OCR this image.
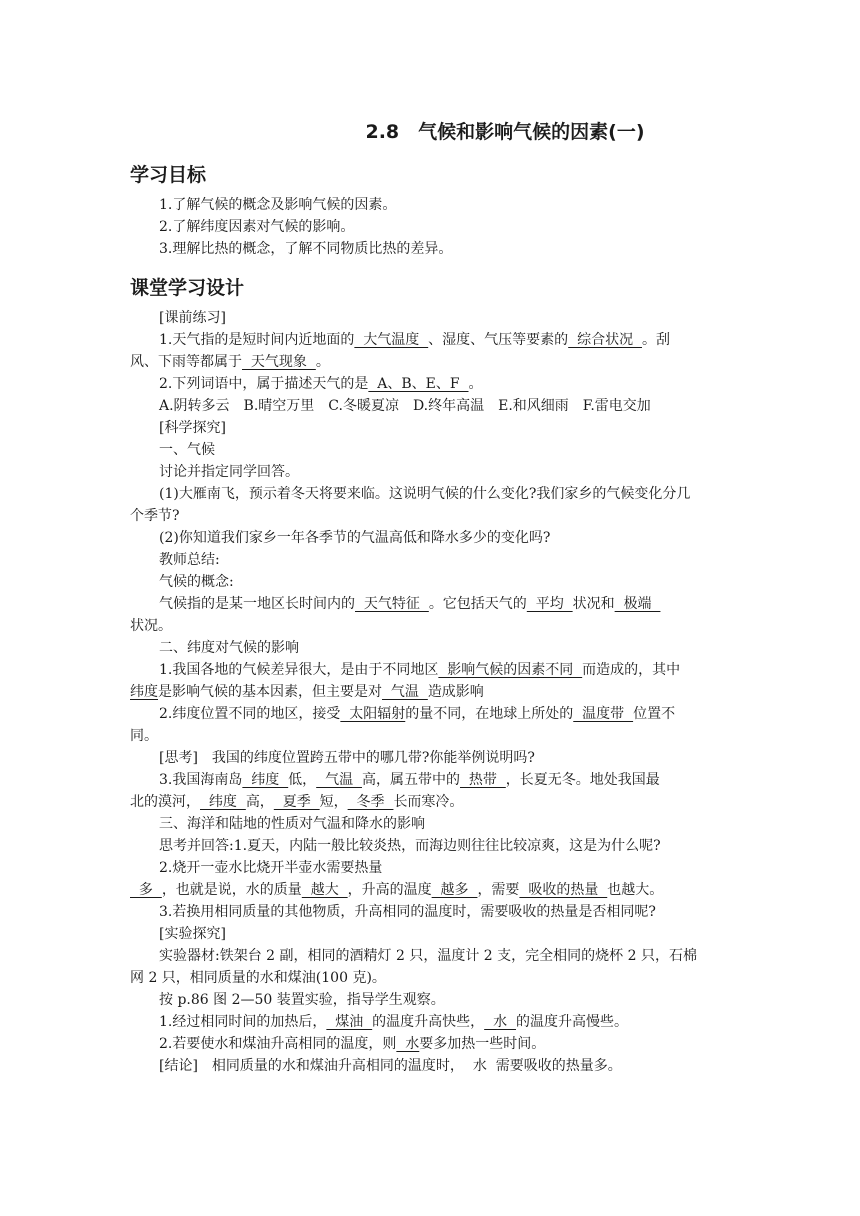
2.8　气候和影响气候的因素(一)
学习目标
1.了解气候的概念及影响气候的因素。
2.了解纬度因素对气候的影响。
3.理解比热的概念，了解不同物质比热的差异。
课堂学习设计
[课前练习]
1.天气指的是短时间内近地面的  大气温度  、湿度、气压等要素的  综合状况  。刮
风、下雨等都属于  天气现象  。
2.下列词语中，属于描述天气的是  A、B、E、F  。
A.阴转多云　B.晴空万里　C.冬暖夏凉　D.终年高温　E.和风细雨　F.雷电交加
[科学探究]
一、气候
讨论并指定同学回答。
(1)大雁南飞，预示着冬天将要来临。这说明气候的什么变化?我们家乡的气候变化分几
个季节?
(2)你知道我们家乡一年各季节的气温高低和降水多少的变化吗?
教师总结:
气候的概念:
气候指的是某一地区长时间内的  天气特征  。它包括天气的  平均  状况和  极端
状况。
二、纬度对气候的影响
1.我国各地的气候差异很大，是由于不同地区  影响气候的因素不同  而造成的，其中
纬度是影响气候的基本因素，但主要是对  气温  造成影响
2.纬度位置不同的地区，接受  太阳辐射的量不同，在地球上所处的  温度带  位置不
同。
[思考]　我国的纬度位置跨五带中的哪几带?你能举例说明吗?
3.我国海南岛  纬度  低，  气温  高，属五带中的  热带  ，长夏无冬。地处我国最
北的漠河，  纬度  高，  夏季  短，  冬季  长而寒冷。
三、海洋和陆地的性质对气温和降水的影响
思考并回答:1.夏天，内陆一般比较炎热，而海边则往往比较凉爽，这是为什么呢?
2.烧开一壶水比烧开半壶水需要热量
多  ，也就是说，水的质量  越大  ，升高的温度  越多  ，需要  吸收的热量  也越大。
3.若换用相同质量的其他物质，升高相同的温度时，需要吸收的热量是否相同呢?
[实验探究]
实验器材:铁架台 2 副，相同的酒精灯 2 只，温度计 2 支，完全相同的烧杯 2 只，石棉
网 2 只，相同质量的水和煤油(100 克)。
按 p.86 图 2—50 装置实验，指导学生观察。
1.经过相同时间的加热后，  煤油  的温度升高快些，  水  的温度升高慢些。
2.若要使水和煤油升高相同的温度，则  水要多加热一些时间。
[结论]　相同质量的水和煤油升高相同的温度时，  水  需要吸收的热量多。
